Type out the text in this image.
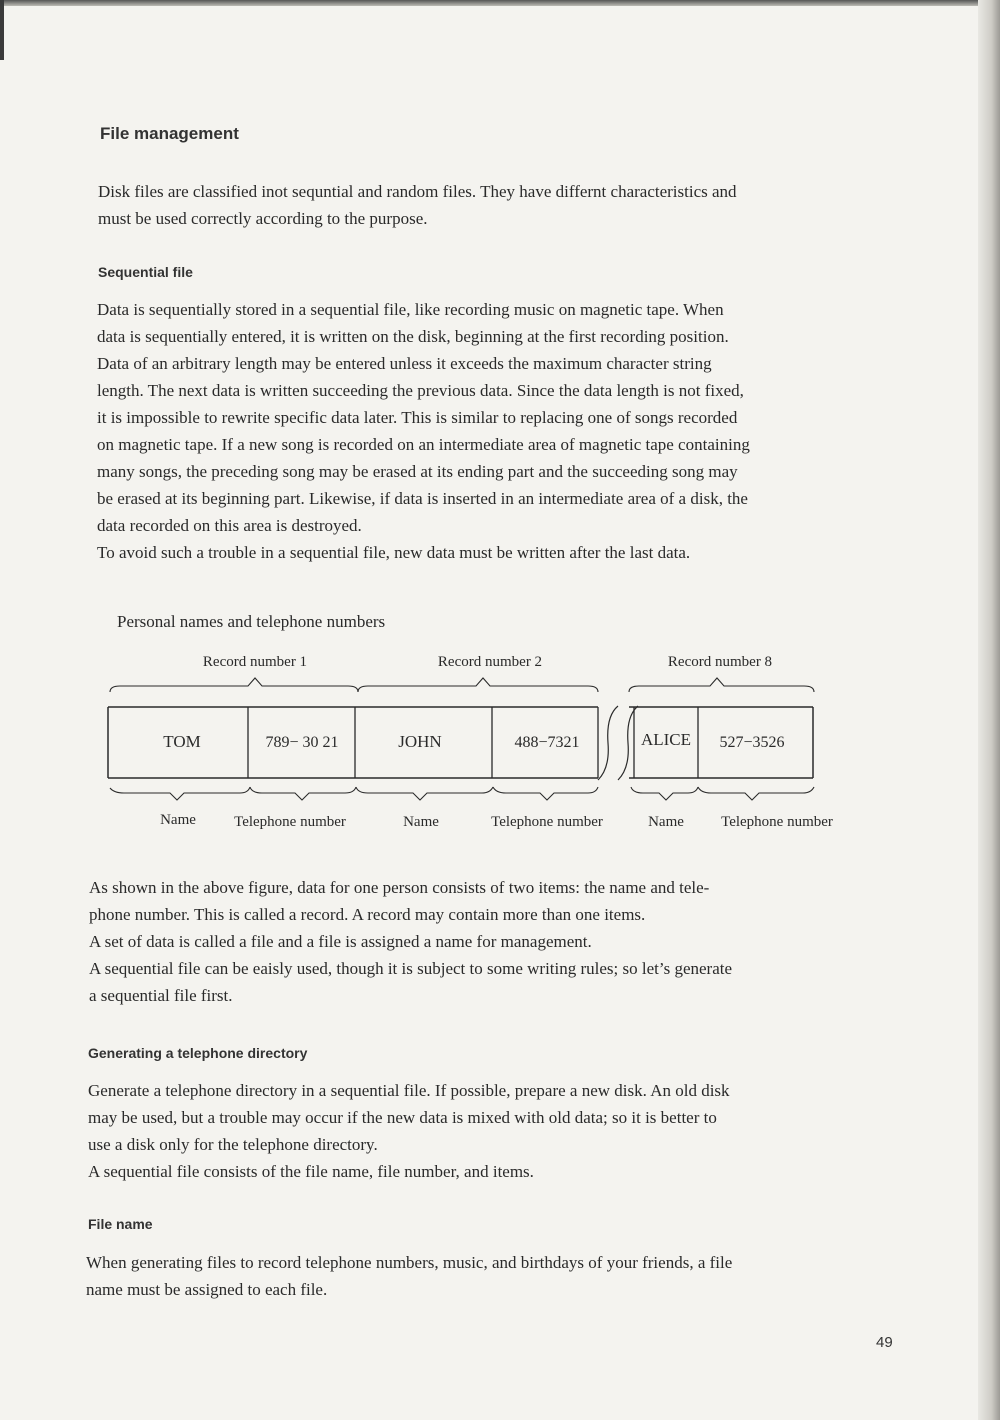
File management

Disk files are classified inot sequntial and random files. They have differnt characteristics and
must be used correctly according to the purpose.

Sequential file

Data is sequentially stored in a sequential file, like recording music on magnetic tape. When
data is sequentially entered, it is written on the disk, beginning at the first recording position.
Data of an arbitrary length may be entered unless it exceeds the maximum character string
length. The next data is written succeeding the previous data. Since the data length is not fixed,
it is impossible to rewrite specific data later. This is similar to replacing one of songs recorded
on magnetic tape. If a new song is recorded on an intermediate area of magnetic tape containing
many songs, the preceding song may be erased at its ending part and the succeeding song may
be erased at its beginning part. Likewise, if data is inserted in an intermediate area of a disk, the
data recorded on this area is destroyed.
To avoid such a trouble in a sequential file, new data must be written after the last data.

Personal names and telephone numbers

Record number 1	Record number 2	Record number 8
TOM	789− 30 21	JOHN	488−7321	ALICE 527−3526
Name	Telephone number	Name	Telephone number	Name Telephone number

As shown in the above figure, data for one person consists of two items: the name and tele-
phone number. This is called a record. A record may contain more than one items.
A set of data is called a file and a file is assigned a name for management.
A sequential file can be eaisly used, though it is subject to some writing rules; so let’s generate
a sequential file first.

Generating a telephone directory

Generate a telephone directory in a sequential file. If possible, prepare a new disk. An old disk
may be used, but a trouble may occur if the new data is mixed with old data; so it is better to
use a disk only for the telephone directory.
A sequential file consists of the file name, file number, and items.

File name

When generating files to record telephone numbers, music, and birthdays of your friends, a file
name must be assigned to each file.

49
